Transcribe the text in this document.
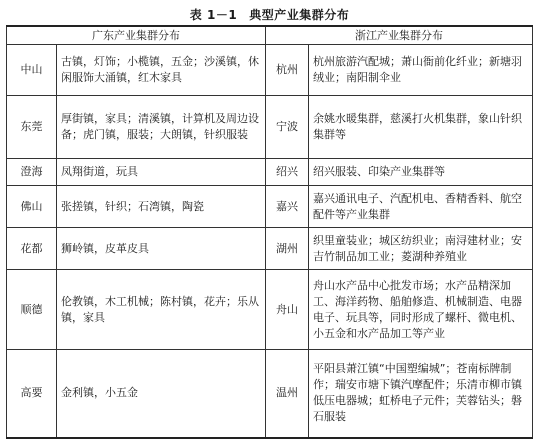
表 1－1 典型产业集群分布
广东产业集群分布		浙江产业集群分布	
中山	古镇，灯饰；小榄镇，五金；沙溪镇，休闲服饰大涌镇，红木家具	杭州	杭州旅游汽配城；萧山衙前化纤业；新塘羽绒业；南阳制伞业
东莞	厚街镇，家具；清溪镇，计算机及周边设备；虎门镇，服装；大朗镇，针织服装	宁波	余姚水暖集群，慈溪打火机集群，象山针织集群等
澄海	凤翔街道，玩具	绍兴	绍兴服装、印染产业集群等
佛山	张搓镇，针织；石湾镇，陶瓷	嘉兴	嘉兴通讯电子、汽配机电、香精香料、航空配件等产业集群
花都	狮岭镇，皮革皮具	湖州	织里童装业；城区纺织业；南浔建材业；安吉竹制品加工业；菱湖种养殖业
顺德	伦教镇，木工机械；陈村镇，花卉；乐从镇，家具	舟山	舟山水产品中心批发市场；水产品精深加工、海洋药物、船舶修造、机械制造、电器电子、玩具等，同时形成了螺杆、微电机、小五金和水产品加工等产业
高要	金利镇，小五金	温州	平阳县萧江镇“中国塑编城”；苍南标牌制作；瑞安市塘下镇汽摩配件；乐清市柳市镇低压电器城；虹桥电子元件；芙蓉钻头；磐石服装
